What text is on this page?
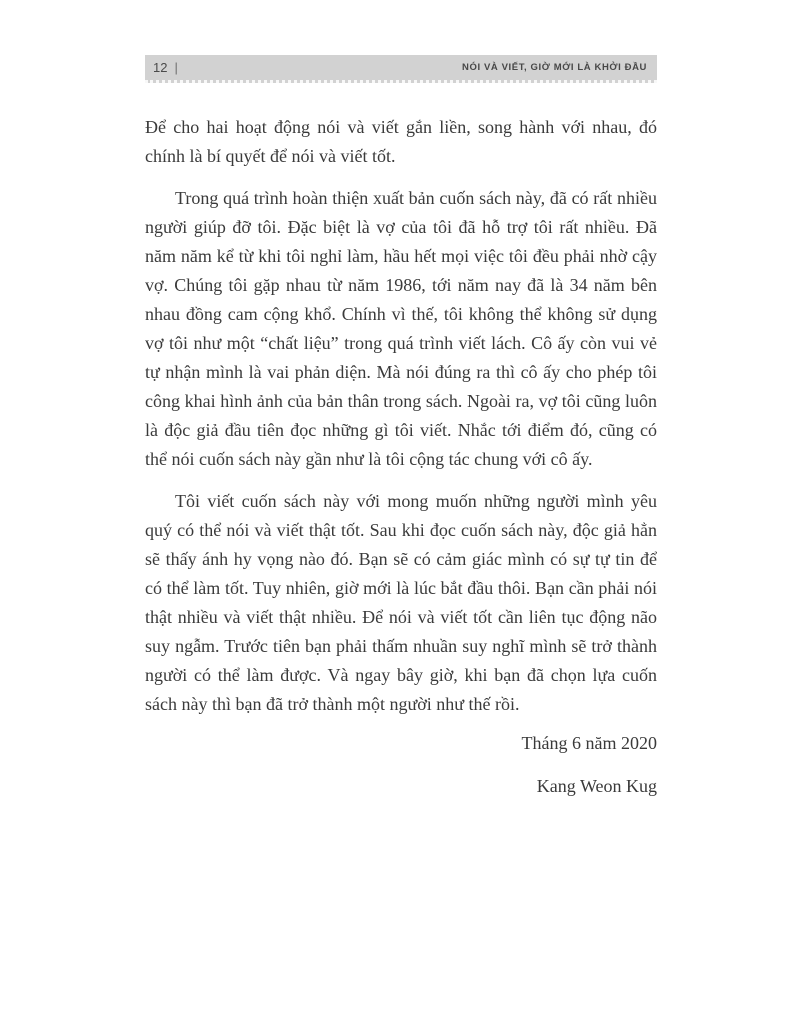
12 |	NÓI VÀ VIẾT, GIỜ MỚI LÀ KHỞI ĐẦU

Để cho hai hoạt động nói và viết gắn liền, song hành với nhau, đó chính là bí quyết để nói và viết tốt.

Trong quá trình hoàn thiện xuất bản cuốn sách này, đã có rất nhiều người giúp đỡ tôi. Đặc biệt là vợ của tôi đã hỗ trợ tôi rất nhiều. Đã năm năm kể từ khi tôi nghỉ làm, hầu hết mọi việc tôi đều phải nhờ cậy vợ. Chúng tôi gặp nhau từ năm 1986, tới năm nay đã là 34 năm bên nhau đồng cam cộng khổ. Chính vì thế, tôi không thể không sử dụng vợ tôi như một “chất liệu” trong quá trình viết lách. Cô ấy còn vui vẻ tự nhận mình là vai phản diện. Mà nói đúng ra thì cô ấy cho phép tôi công khai hình ảnh của bản thân trong sách. Ngoài ra, vợ tôi cũng luôn là độc giả đầu tiên đọc những gì tôi viết. Nhắc tới điểm đó, cũng có thể nói cuốn sách này gần như là tôi cộng tác chung với cô ấy.

Tôi viết cuốn sách này với mong muốn những người mình yêu quý có thể nói và viết thật tốt. Sau khi đọc cuốn sách này, độc giả hẳn sẽ thấy ánh hy vọng nào đó. Bạn sẽ có cảm giác mình có sự tự tin để có thể làm tốt. Tuy nhiên, giờ mới là lúc bắt đầu thôi. Bạn cần phải nói thật nhiều và viết thật nhiều. Để nói và viết tốt cần liên tục động não suy ngẫm. Trước tiên bạn phải thấm nhuần suy nghĩ mình sẽ trở thành người có thể làm được. Và ngay bây giờ, khi bạn đã chọn lựa cuốn sách này thì bạn đã trở thành một người như thế rồi.

Tháng 6 năm 2020

Kang Weon Kug
